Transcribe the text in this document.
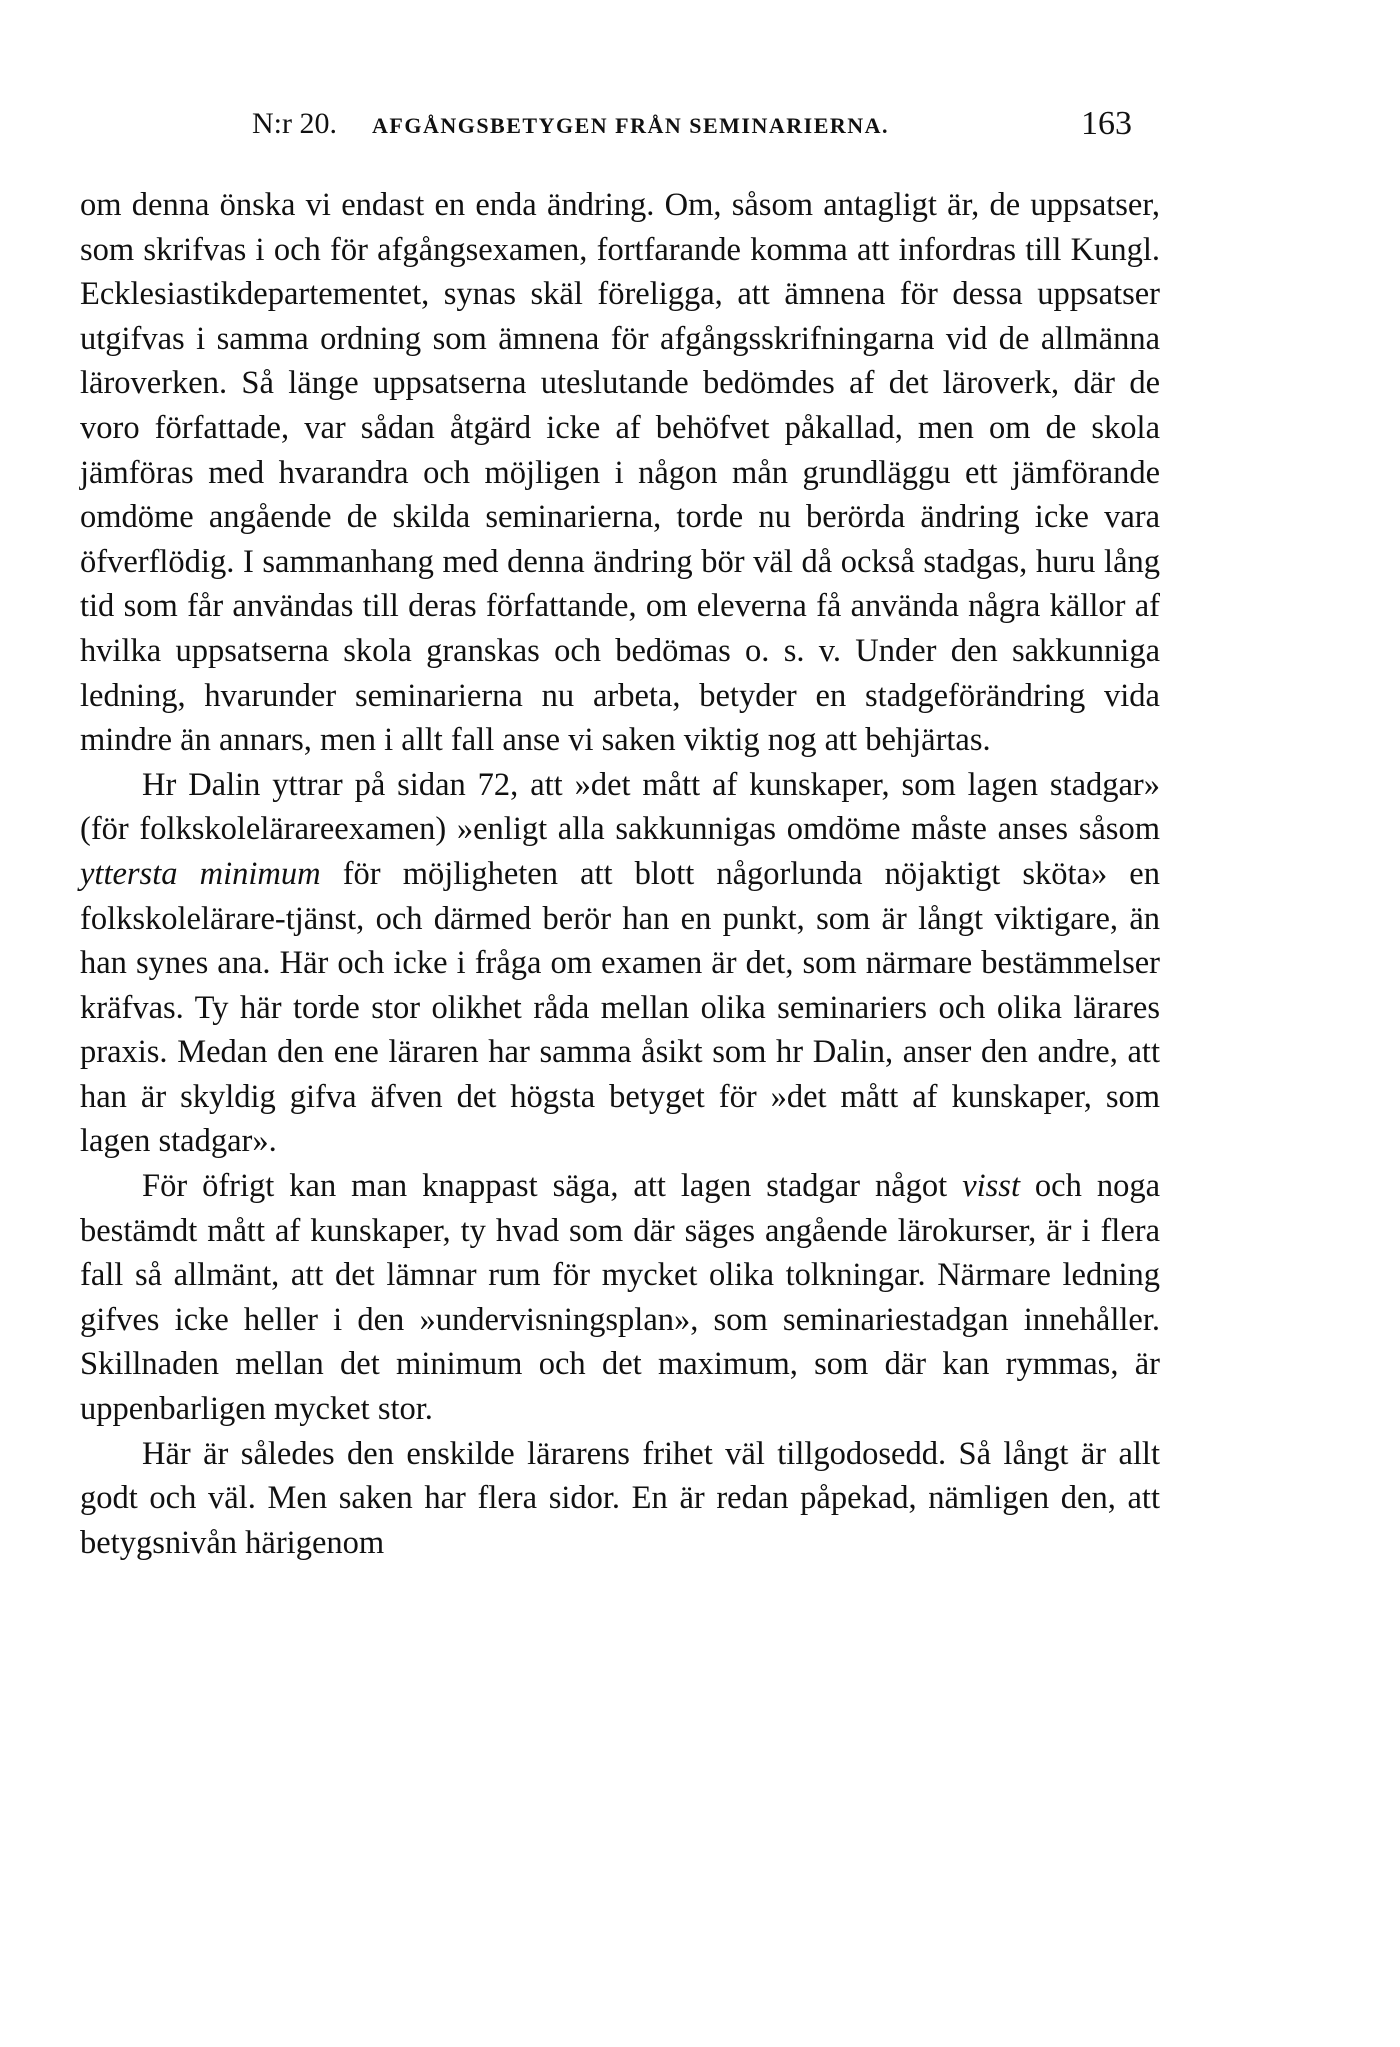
N:r 20. AFGÅNGSBETYGEN FRÅN SEMINARIERNA.	163

om denna önska vi endast en enda ändring. Om, såsom antagligt är, de uppsatser, som skrifvas i och för afgångsexamen, fortfarande komma att infordras till Kungl. Ecklesiastikdepartementet, synas skäl föreligga, att ämnena för dessa uppsatser utgifvas i samma ordning som ämnena för afgångsskrifningarna vid de allmänna läroverken. Så länge uppsatserna uteslutande bedömdes af det läroverk, där de voro författade, var sådan åtgärd icke af behöfvet påkallad, men om de skola jämföras med hvarandra och möjligen i någon mån grundläggu ett jämförande omdöme angående de skilda seminarierna, torde nu berörda ändring icke vara öfverflödig. I sammanhang med denna ändring bör väl då också stadgas, huru lång tid som får användas till deras författande, om eleverna få använda några källor af hvilka uppsatserna skola granskas och bedömas o. s. v. Under den sakkunniga ledning, hvarunder seminarierna nu arbeta, betyder en stadgeförändring vida mindre än annars, men i allt fall anse vi saken viktig nog att behjärtas.

Hr Dalin yttrar på sidan 72, att »det mått af kunskaper, som lagen stadgar» (för folkskolelärareexamen) »enligt alla sakkunnigas omdöme måste anses såsom yttersta minimum för möjligheten att blott någorlunda nöjaktigt sköta» en folkskolelärare-tjänst, och därmed berör han en punkt, som är långt viktigare, än han synes ana. Här och icke i fråga om examen är det, som närmare bestämmelser kräfvas. Ty här torde stor olikhet råda mellan olika seminariers och olika lärares praxis. Medan den ene läraren har samma åsikt som hr Dalin, anser den andre, att han är skyldig gifva äfven det högsta betyget för »det mått af kunskaper, som lagen stadgar».

För öfrigt kan man knappast säga, att lagen stadgar något visst och noga bestämdt mått af kunskaper, ty hvad som där säges angående lärokurser, är i flera fall så allmänt, att det lämnar rum för mycket olika tolkningar. Närmare ledning gifves icke heller i den »undervisningsplan», som seminariestadgan innehåller. Skillnaden mellan det minimum och det maximum, som där kan rymmas, är uppenbarligen mycket stor.

Här är således den enskilde lärarens frihet väl tillgodosedd. Så långt är allt godt och väl. Men saken har flera sidor. En är redan påpekad, nämligen den, att betygsnivån härigenom
